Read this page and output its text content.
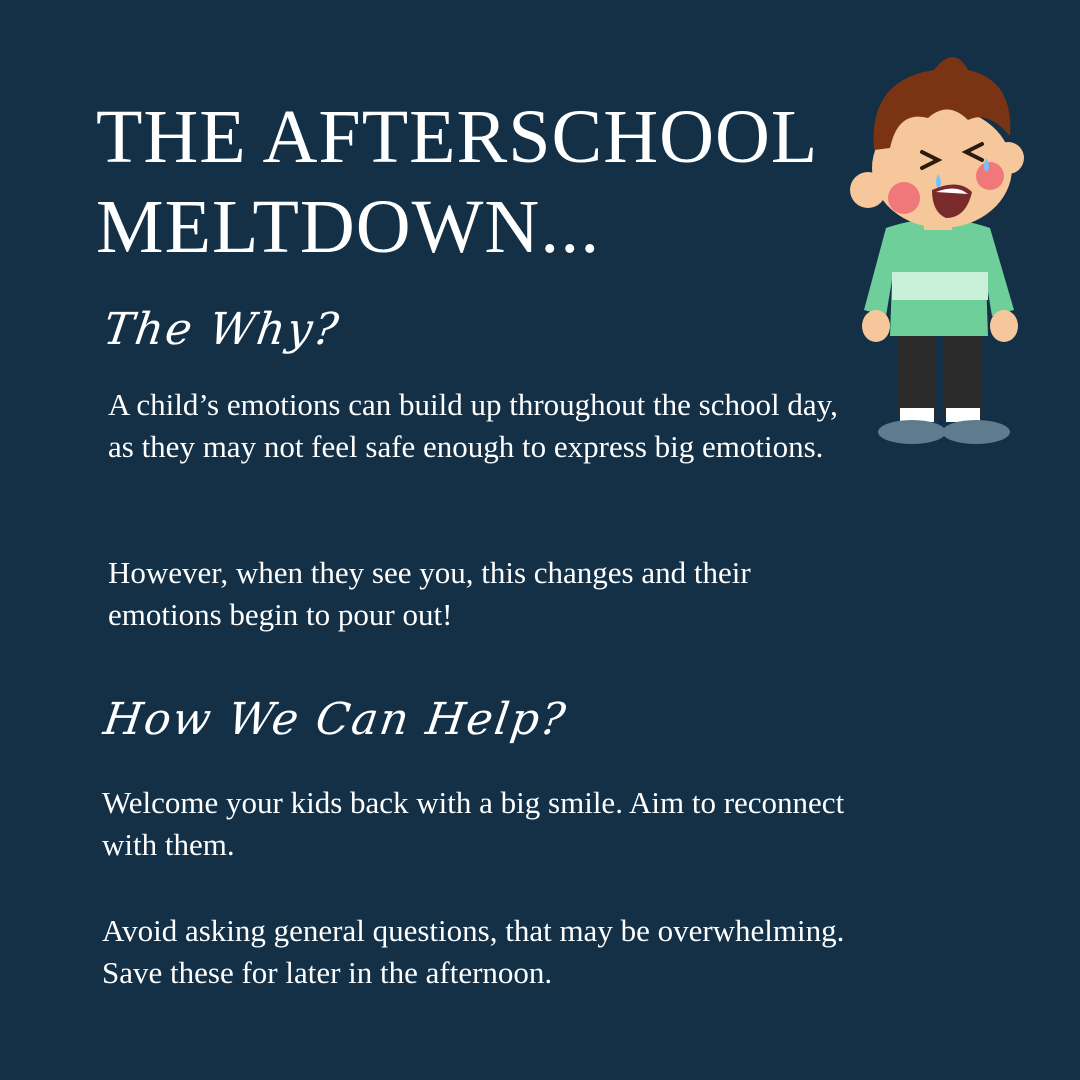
THE AFTERSCHOOL
MELTDOWN...
The Why?

A child’s emotions can build up throughout the school day, as they may not feel safe enough to express big emotions.

However, when they see you, this changes and their emotions begin to pour out!

How We Can Help?

Welcome your kids back with a big smile. Aim to reconnect with them.

Avoid asking general questions, that may be overwhelming. Save these for later in the afternoon.
